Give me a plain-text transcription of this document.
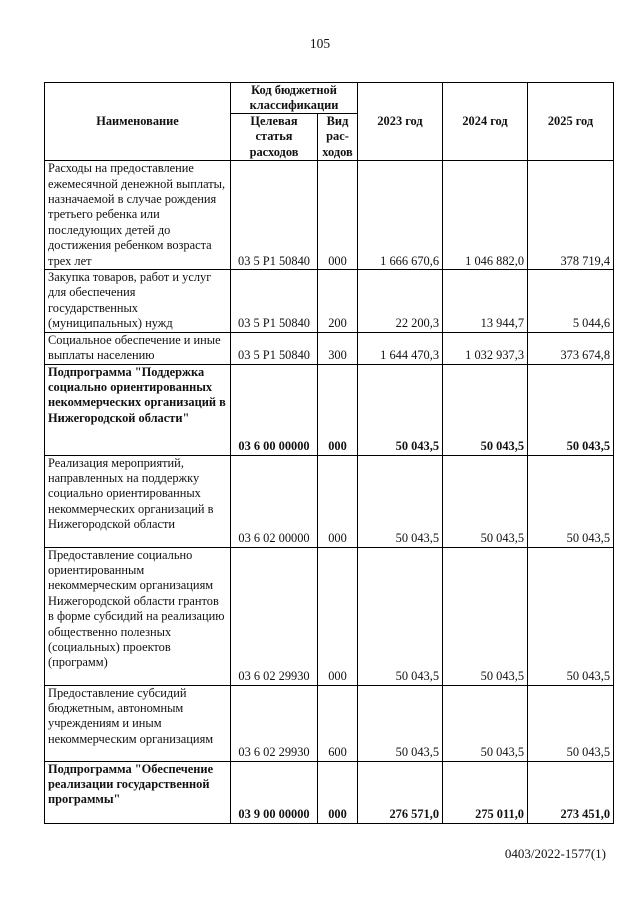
105
Наименование	Код бюджетной классификации		2023 год	2024 год	2025 год
	Целевая статья расходов	Вид рас-ходов			
Расходы на предоставление ежемесячной денежной выплаты, назначаемой в случае рождения третьего ребенка или последующих детей до достижения ребенком возраста трех лет	03 5 P1 50840	000	1 666 670,6	1 046 882,0	378 719,4
Закупка товаров, работ и услуг для обеспечения государственных (муниципальных) нужд	03 5 P1 50840	200	22 200,3	13 944,7	5 044,6
Социальное обеспечение и иные выплаты населению	03 5 P1 50840	300	1 644 470,3	1 032 937,3	373 674,8
Подпрограмма "Поддержка социально ориентированных некоммерческих организаций в Нижегородской области"	03 6 00 00000	000	50 043,5	50 043,5	50 043,5
Реализация мероприятий, направленных на поддержку социально ориентированных некоммерческих организаций в Нижегородской области	03 6 02 00000	000	50 043,5	50 043,5	50 043,5
Предоставление социально ориентированным некоммерческим организациям Нижегородской области грантов в форме субсидий на реализацию общественно полезных (социальных) проектов (программ)	03 6 02 29930	000	50 043,5	50 043,5	50 043,5
Предоставление субсидий бюджетным, автономным учреждениям и иным некоммерческим организациям	03 6 02 29930	600	50 043,5	50 043,5	50 043,5
Подпрограмма "Обеспечение реализации государственной программы"	03 9 00 00000	000	276 571,0	275 011,0	273 451,0
0403/2022-1577(1)
